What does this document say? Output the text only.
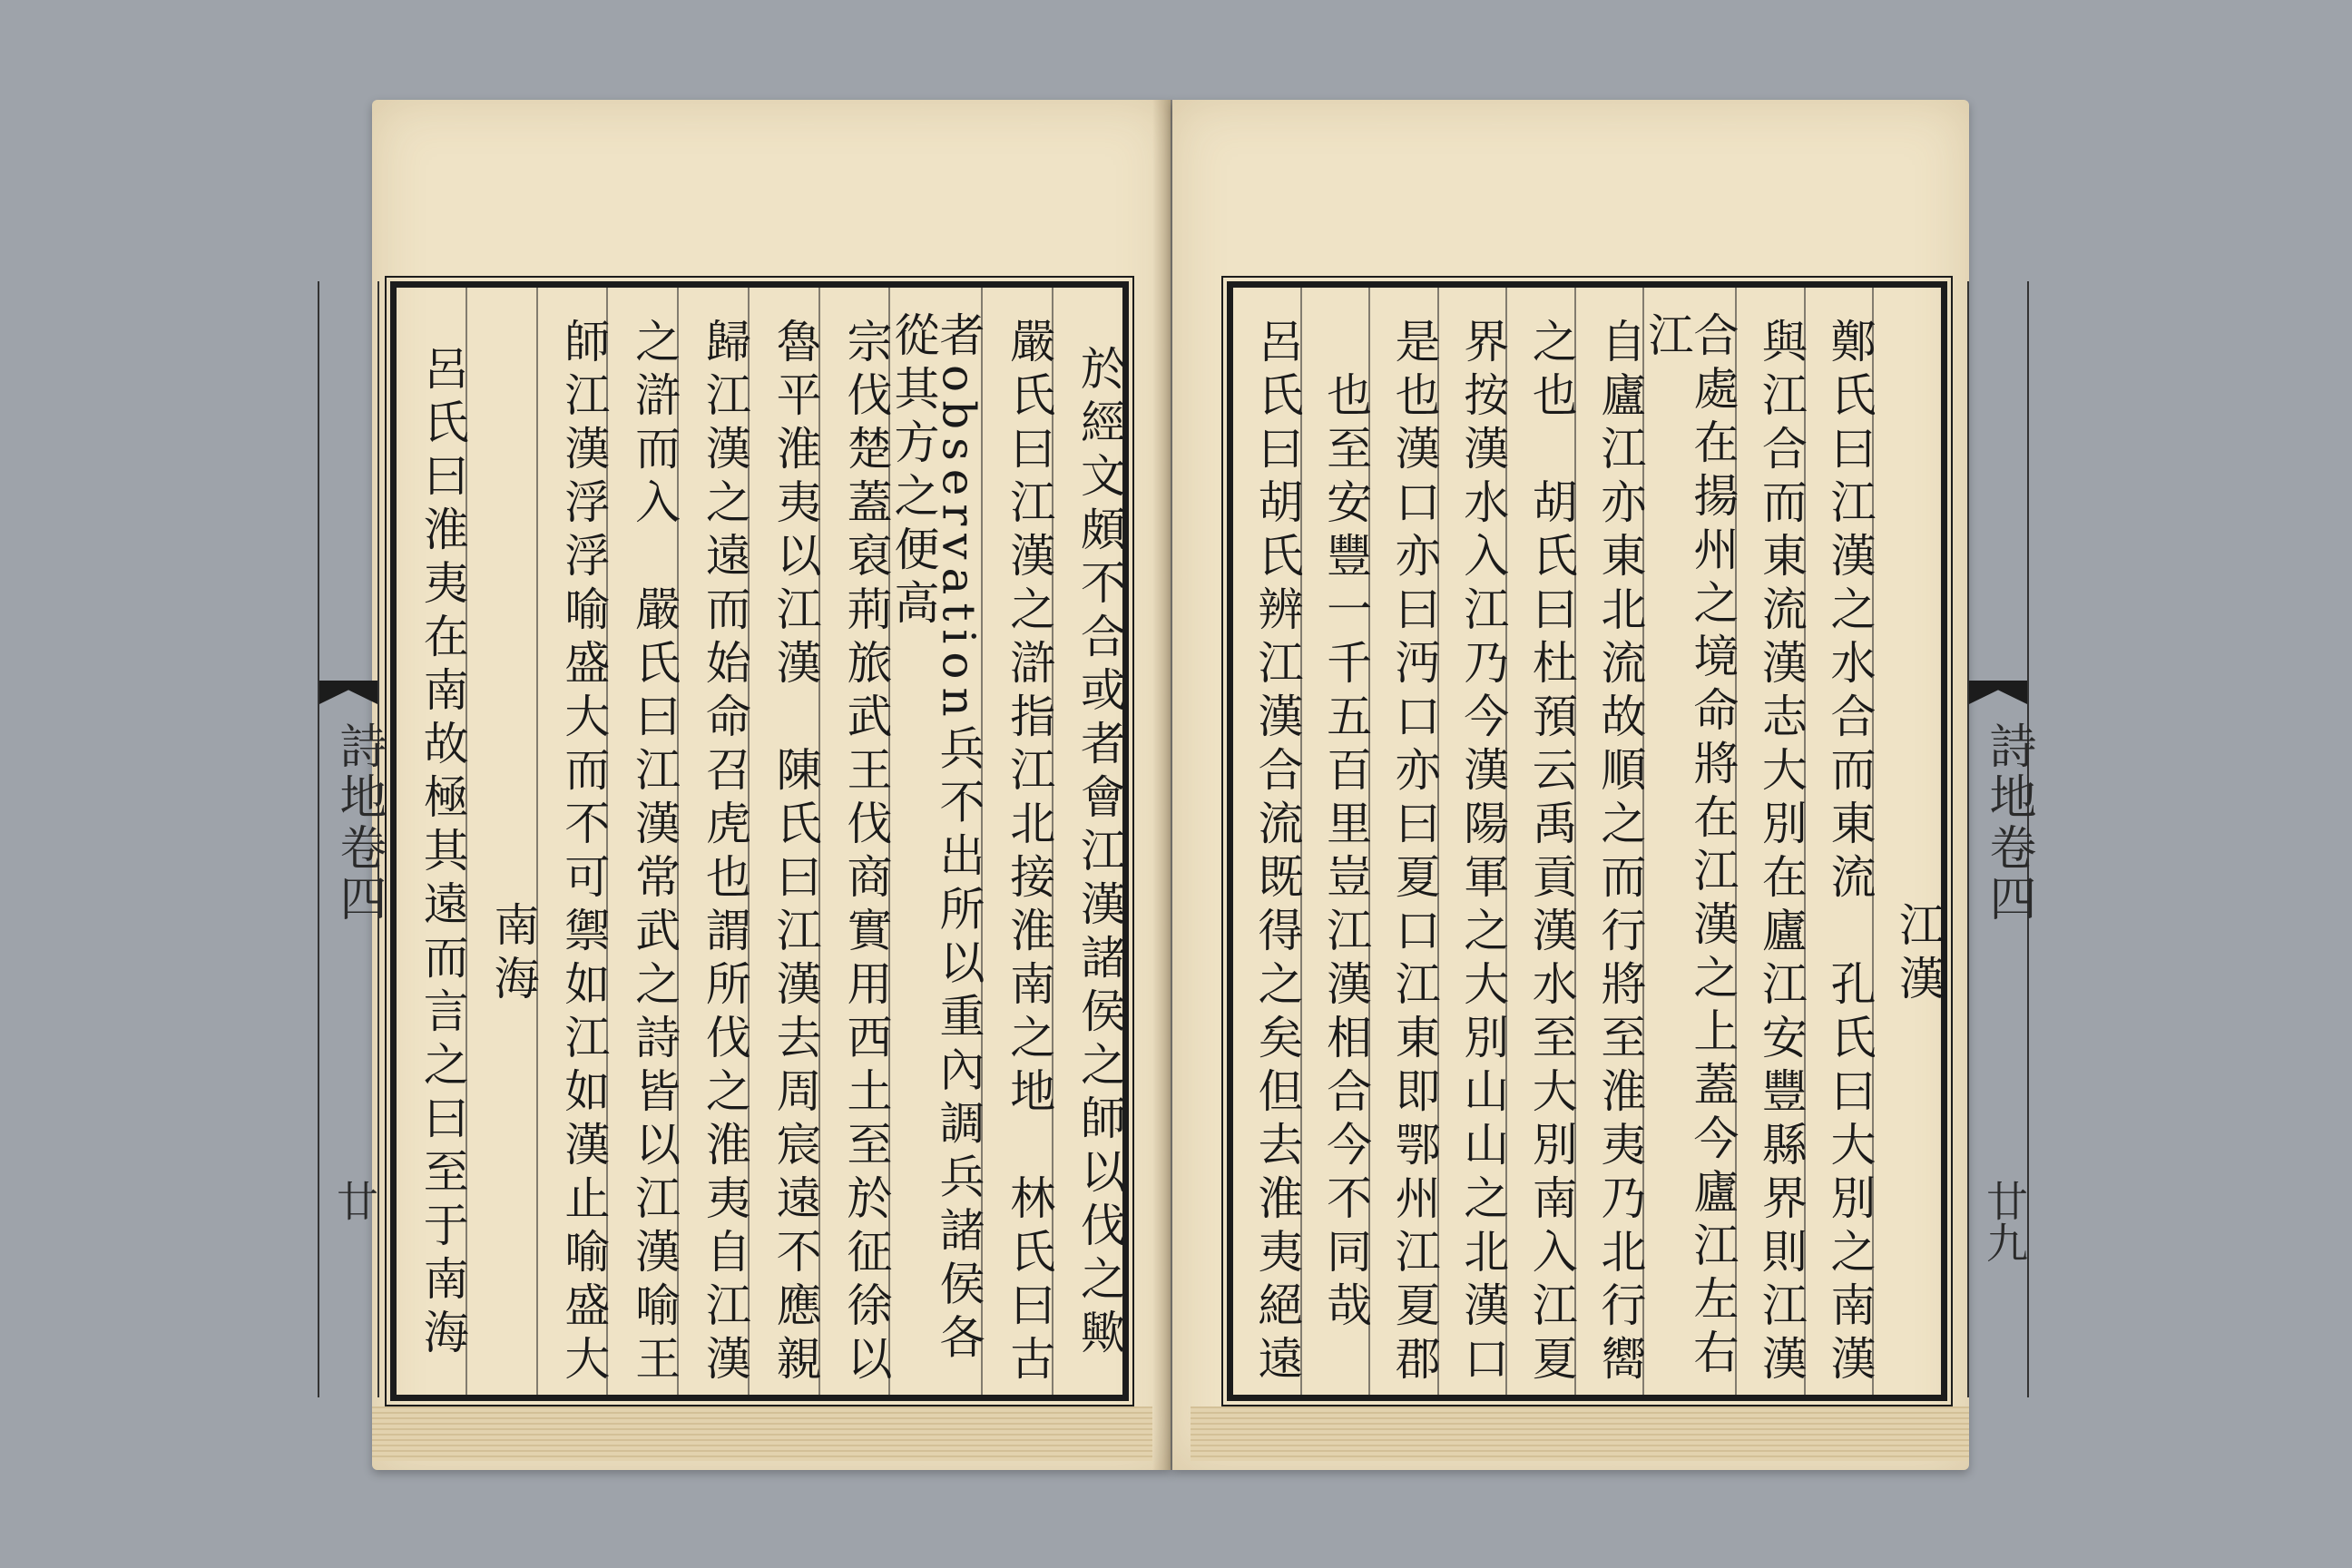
詩地卷四
廿	於經文頗不合或者會江漢諸侯之師以伐之歟
嚴氏曰江漢之滸指江北接淮南之地　林氏曰古
者observation兵不出所以重內調兵諸侯各從其方之便高
宗伐楚蓋裒荊旅武王伐商實用西土至於征徐以
魯平淮夷以江漢　陳氏曰江漢去周宸遠不應親
歸江漢之遠而始命召虎也謂所伐之淮夷自江漢
之滸而入　嚴氏曰江漢常武之詩皆以江漢喻王
師江漢浮浮喻盛大而不可禦如江如漢止喻盛大
南海
呂氏曰淮夷在南故極其遠而言之曰至于南海	江漢
鄭氏曰江漢之水合而東流　孔氏曰大別之南漢
與江合而東流漢志大別在廬江安豐縣界則江漢
合處在揚州之境命將在江漢之上蓋今廬江左右江
自廬江亦東北流故順之而行將至淮夷乃北行嚮
之也　胡氏曰杜預云禹貢漢水至大別南入江夏
界按漢水入江乃今漢陽軍之大別山山之北漢口
是也漢口亦曰沔口亦曰夏口江東即鄂州江夏郡
也至安豐一千五百里豈江漢相合今不同哉
呂氏曰胡氏辨江漢合流既得之矣但去淮夷絕遠	詩地卷四
廿九
